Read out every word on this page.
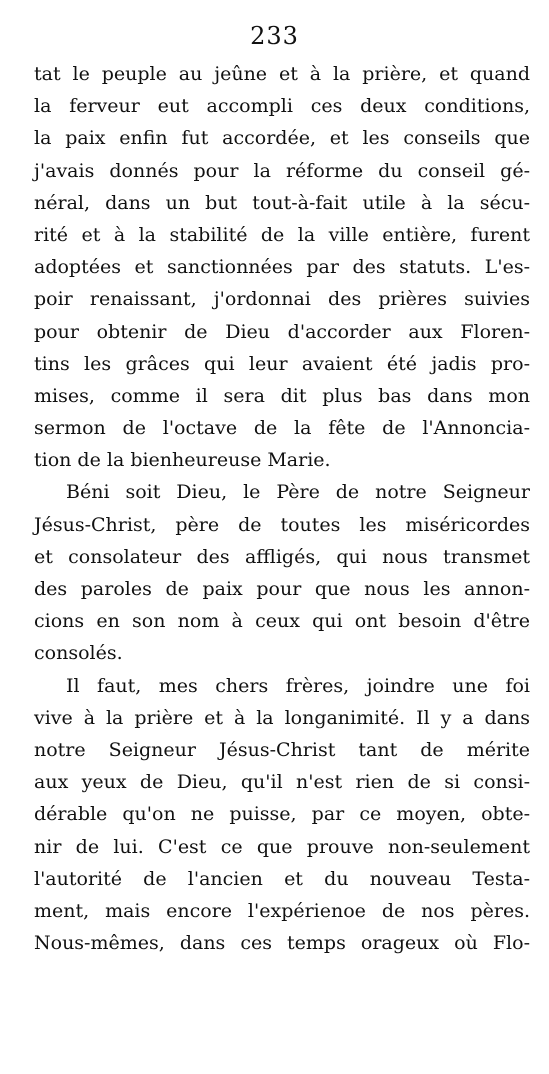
233
tat le peuple au jeûne et à la prière, et quand
la ferveur eut accompli ces deux conditions,
la paix enfin fut accordée, et les conseils que
j'avais donnés pour la réforme du conseil gé-
néral, dans un but tout-à-fait utile à la sécu-
rité et à la stabilité de la ville entière, furent
adoptées et sanctionnées par des statuts. L'es-
poir renaissant, j'ordonnai des prières suivies
pour obtenir de Dieu d'accorder aux Floren-
tins les grâces qui leur avaient été jadis pro-
mises, comme il sera dit plus bas dans mon
sermon de l'octave de la fête de l'Annoncia-
tion de la bienheureuse Marie.
Béni soit Dieu, le Père de notre Seigneur
Jésus-Christ, père de toutes les miséricordes
et consolateur des affligés, qui nous transmet
des paroles de paix pour que nous les annon-
cions en son nom à ceux qui ont besoin d'être
consolés.
Il faut, mes chers frères, joindre une foi
vive à la prière et à la longanimité. Il y a dans
notre Seigneur Jésus-Christ tant de mérite
aux yeux de Dieu, qu'il n'est rien de si consi-
dérable qu'on ne puisse, par ce moyen, obte-
nir de lui. C'est ce que prouve non-seulement
l'autorité de l'ancien et du nouveau Testa-
ment, mais encore l'expérienoe de nos pères.
Nous-mêmes, dans ces temps orageux où Flo-
